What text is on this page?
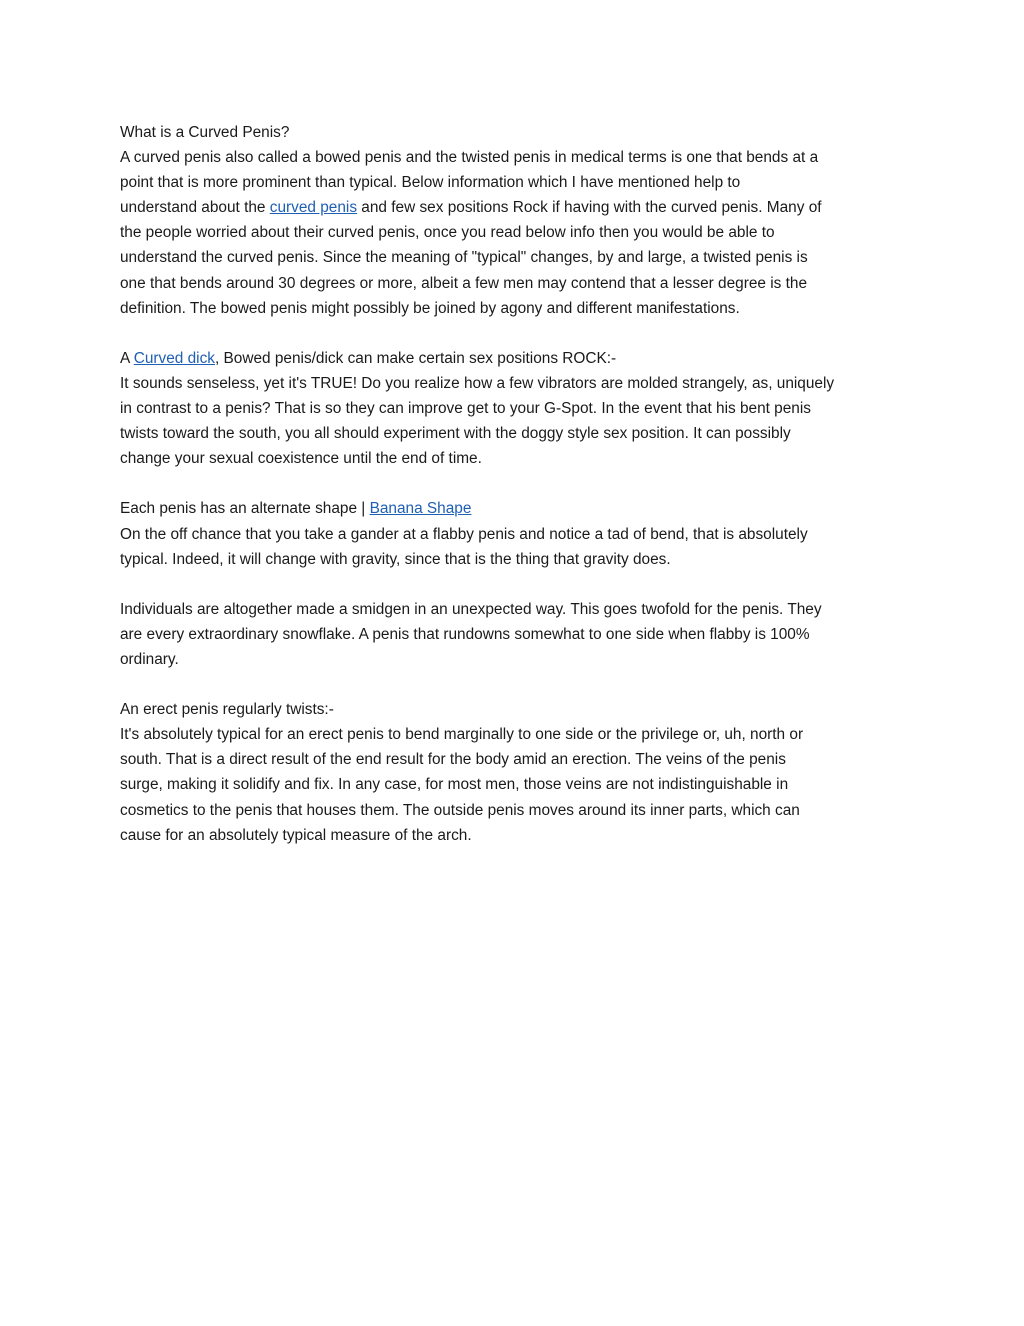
What is a Curved Penis?
A curved penis also called a bowed penis and the twisted penis in medical terms is one that bends at a
point that is more prominent than typical. Below information which I have mentioned help to
understand about the curved penis and few sex positions Rock if having with the curved penis. Many of
the people worried about their curved penis, once you read below info then you would be able to
understand the curved penis. Since the meaning of "typical" changes, by and large, a twisted penis is
one that bends around 30 degrees or more, albeit a few men may contend that a lesser degree is the
definition. The bowed penis might possibly be joined by agony and different manifestations.

A Curved dick, Bowed penis/dick can make certain sex positions ROCK:-
It sounds senseless, yet it's TRUE! Do you realize how a few vibrators are molded strangely, as, uniquely
in contrast to a penis? That is so they can improve get to your G-Spot. In the event that his bent penis
twists toward the south, you all should experiment with the doggy style sex position. It can possibly
change your sexual coexistence until the end of time.

Each penis has an alternate shape | Banana Shape
On the off chance that you take a gander at a flabby penis and notice a tad of bend, that is absolutely
typical. Indeed, it will change with gravity, since that is the thing that gravity does.

Individuals are altogether made a smidgen in an unexpected way. This goes twofold for the penis. They
are every extraordinary snowflake. A penis that rundowns somewhat to one side when flabby is 100%
ordinary.

An erect penis regularly twists:-
It's absolutely typical for an erect penis to bend marginally to one side or the privilege or, uh, north or
south. That is a direct result of the end result for the body amid an erection. The veins of the penis
surge, making it solidify and fix. In any case, for most men, those veins are not indistinguishable in
cosmetics to the penis that houses them. The outside penis moves around its inner parts, which can
cause for an absolutely typical measure of the arch.
